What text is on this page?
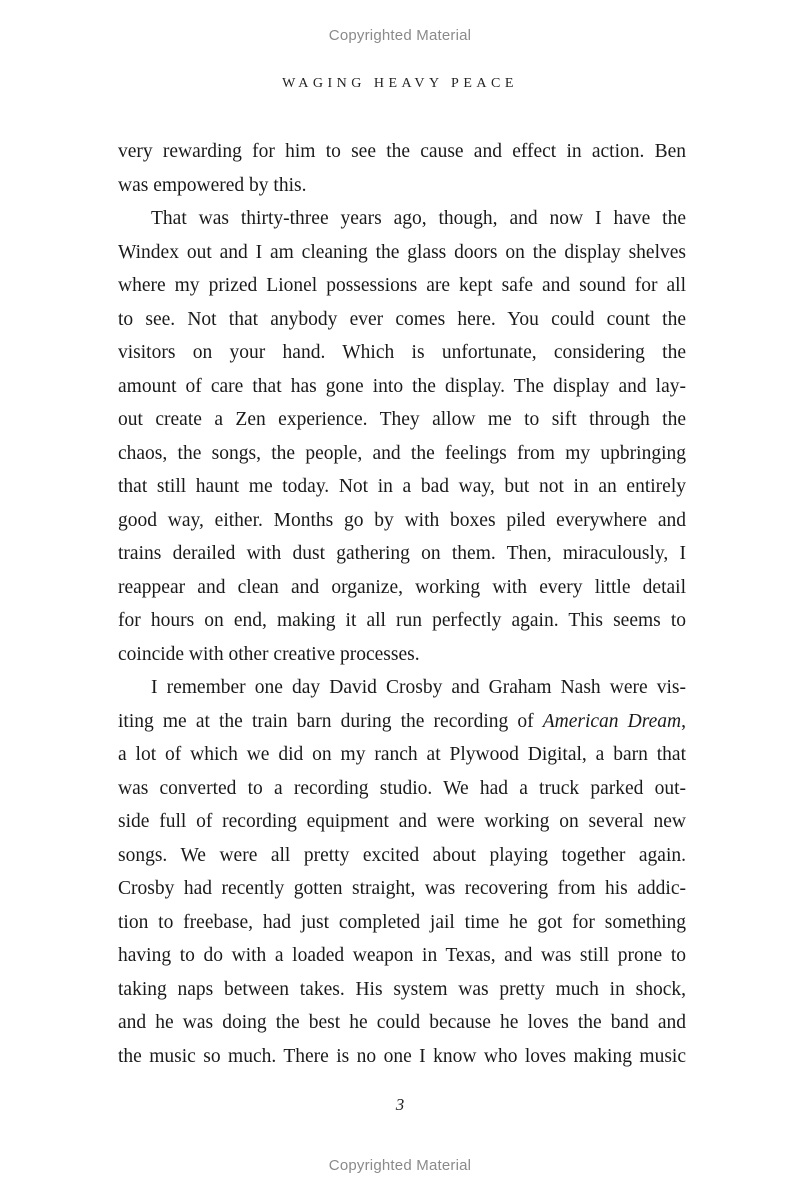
Copyrighted Material
WAGING HEAVY PEACE
very rewarding for him to see the cause and effect in action. Ben
was empowered by this.
That was thirty-three years ago, though, and now I have the
Windex out and I am cleaning the glass doors on the display shelves
where my prized Lionel possessions are kept safe and sound for all
to see. Not that anybody ever comes here. You could count the
visitors on your hand. Which is unfortunate, considering the
amount of care that has gone into the display. The display and lay-
out create a Zen experience. They allow me to sift through the
chaos, the songs, the people, and the feelings from my upbringing
that still haunt me today. Not in a bad way, but not in an entirely
good way, either. Months go by with boxes piled everywhere and
trains derailed with dust gathering on them. Then, miraculously, I
reappear and clean and organize, working with every little detail
for hours on end, making it all run perfectly again. This seems to
coincide with other creative processes.
I remember one day David Crosby and Graham Nash were vis-
iting me at the train barn during the recording of American Dream,
a lot of which we did on my ranch at Plywood Digital, a barn that
was converted to a recording studio. We had a truck parked out-
side full of recording equipment and were working on several new
songs. We were all pretty excited about playing together again.
Crosby had recently gotten straight, was recovering from his addic-
tion to freebase, had just completed jail time he got for something
having to do with a loaded weapon in Texas, and was still prone to
taking naps between takes. His system was pretty much in shock,
and he was doing the best he could because he loves the band and
the music so much. There is no one I know who loves making music
3
Copyrighted Material
